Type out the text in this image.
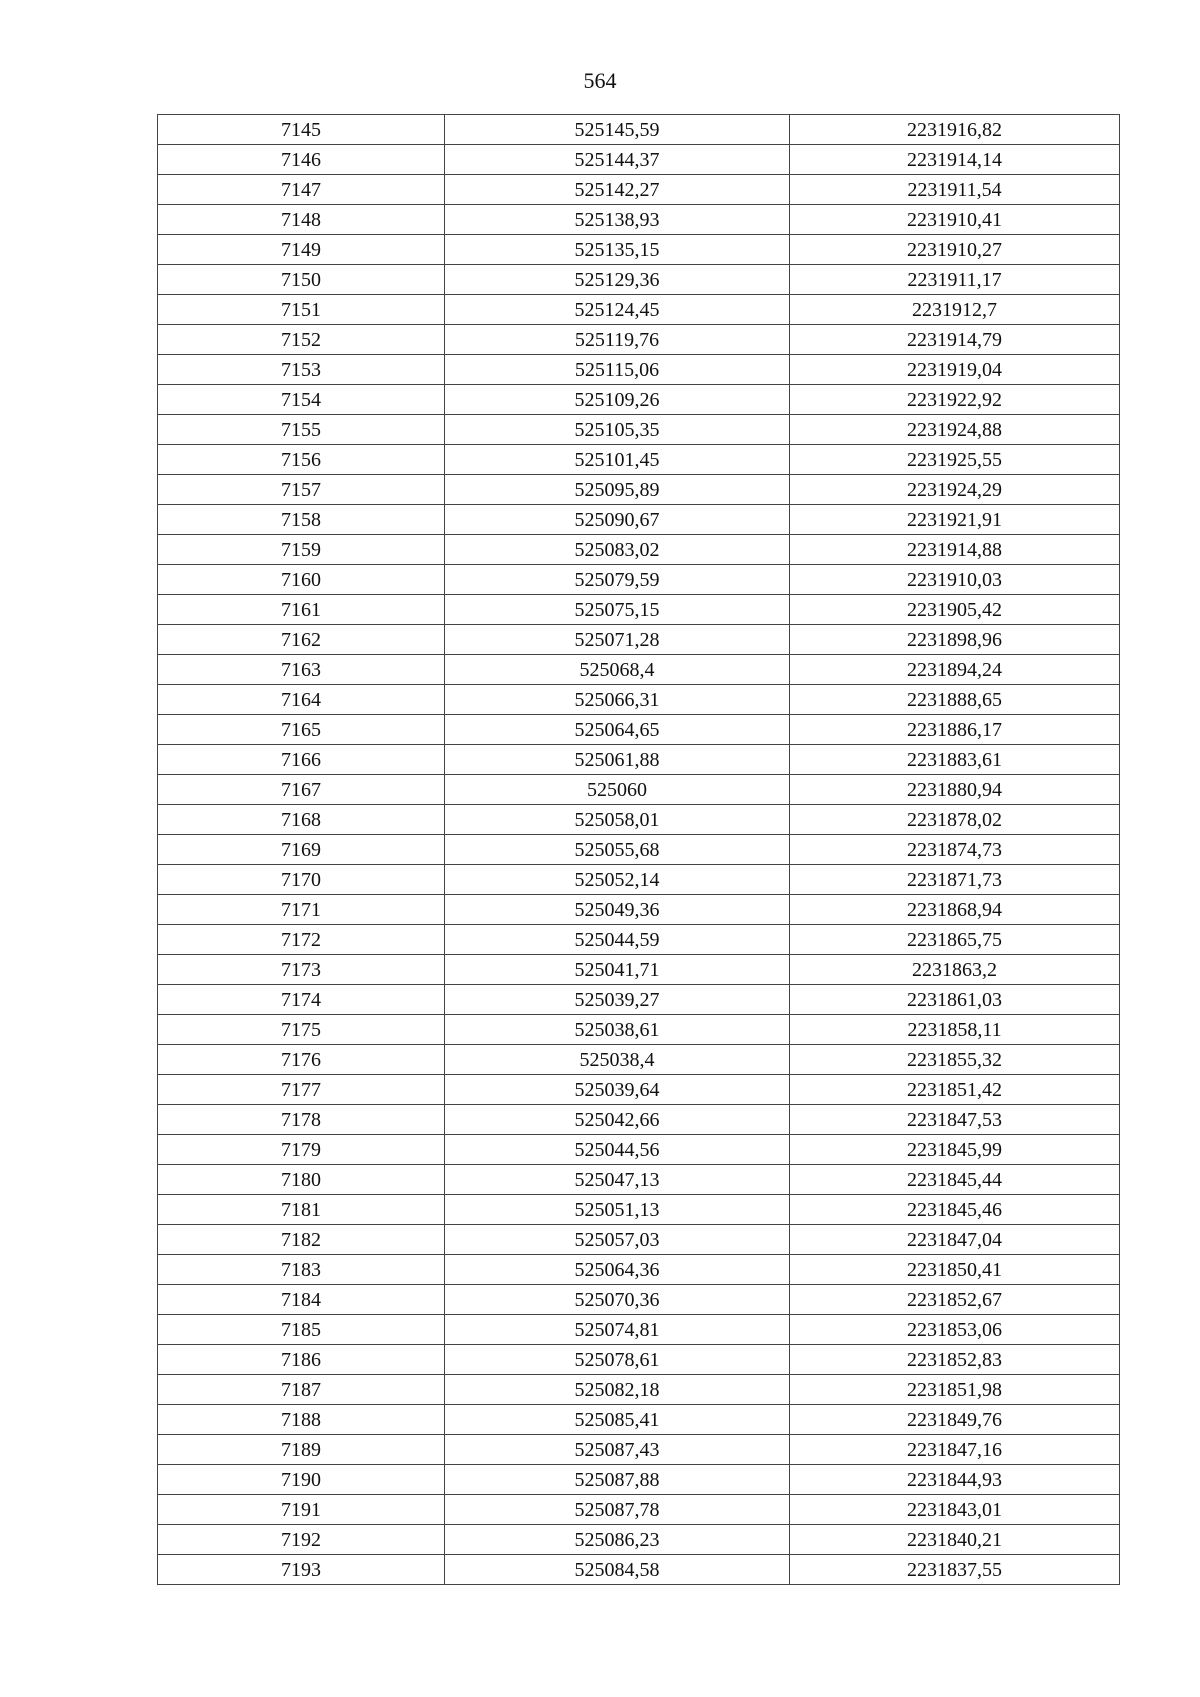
564
7145	525145,59	2231916,82
7146	525144,37	2231914,14
7147	525142,27	2231911,54
7148	525138,93	2231910,41
7149	525135,15	2231910,27
7150	525129,36	2231911,17
7151	525124,45	2231912,7
7152	525119,76	2231914,79
7153	525115,06	2231919,04
7154	525109,26	2231922,92
7155	525105,35	2231924,88
7156	525101,45	2231925,55
7157	525095,89	2231924,29
7158	525090,67	2231921,91
7159	525083,02	2231914,88
7160	525079,59	2231910,03
7161	525075,15	2231905,42
7162	525071,28	2231898,96
7163	525068,4	2231894,24
7164	525066,31	2231888,65
7165	525064,65	2231886,17
7166	525061,88	2231883,61
7167	525060	2231880,94
7168	525058,01	2231878,02
7169	525055,68	2231874,73
7170	525052,14	2231871,73
7171	525049,36	2231868,94
7172	525044,59	2231865,75
7173	525041,71	2231863,2
7174	525039,27	2231861,03
7175	525038,61	2231858,11
7176	525038,4	2231855,32
7177	525039,64	2231851,42
7178	525042,66	2231847,53
7179	525044,56	2231845,99
7180	525047,13	2231845,44
7181	525051,13	2231845,46
7182	525057,03	2231847,04
7183	525064,36	2231850,41
7184	525070,36	2231852,67
7185	525074,81	2231853,06
7186	525078,61	2231852,83
7187	525082,18	2231851,98
7188	525085,41	2231849,76
7189	525087,43	2231847,16
7190	525087,88	2231844,93
7191	525087,78	2231843,01
7192	525086,23	2231840,21
7193	525084,58	2231837,55
